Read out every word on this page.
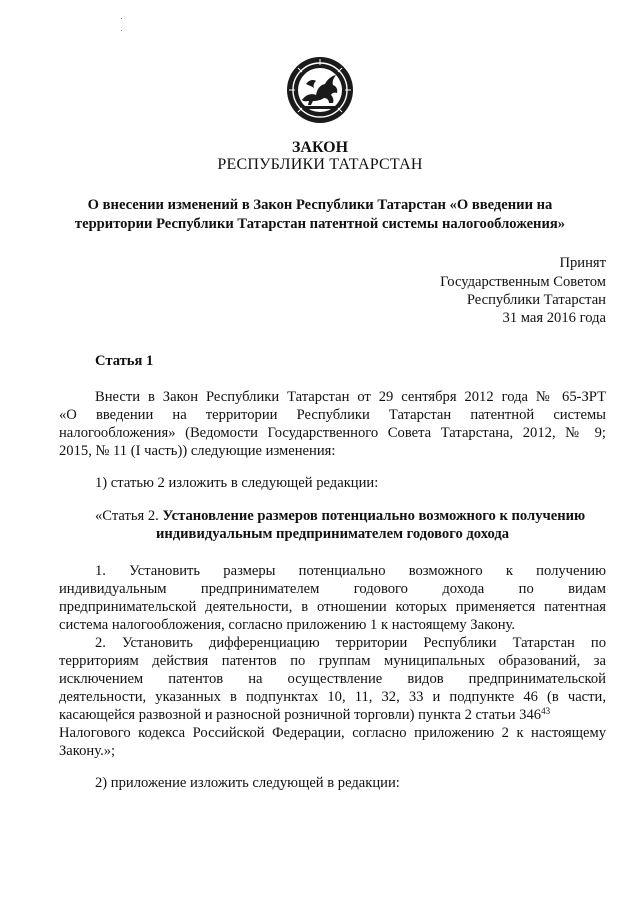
ЗАКОН

РЕСПУБЛИКИ ТАТАРСТАН

О внесении изменений в Закон Республики Татарстан «О введении на

территории Республики Татарстан патентной системы налогообложения»

Принят

Государственным Советом

Республики Татарстан

31 мая 2016 года

Статья 1

Внести в Закон Республики Татарстан от 29 сентября 2012 года № 65-ЗРТ

«О введении на территории Республики Татарстан патентной системы

налогообложения» (Ведомости Государственного Совета Татарстана, 2012, № 9;

2015, № 11 (I часть)) следующие изменения:

1) статью 2 изложить в следующей редакции:

«Статья 2. Установление размеров потенциально возможного к получению

индивидуальным предпринимателем годового дохода

1. Установить размеры потенциально возможного к получению

индивидуальным предпринимателем годового дохода по видам

предпринимательской деятельности, в отношении которых применяется патентная

система налогообложения, согласно приложению 1 к настоящему Закону.

2. Установить дифференциацию территории Республики Татарстан по

территориям действия патентов по группам муниципальных образований, за

исключением патентов на осуществление видов предпринимательской

деятельности, указанных в подпунктах 10, 11, 32, 33 и подпункте 46 (в части,

касающейся развозной и разносной розничной торговли) пункта 2 статьи $346^{43}$

Налогового кодекса Российской Федерации, согласно приложению 2 к настоящему

Закону.»;

2) приложение изложить следующей в редакции:
